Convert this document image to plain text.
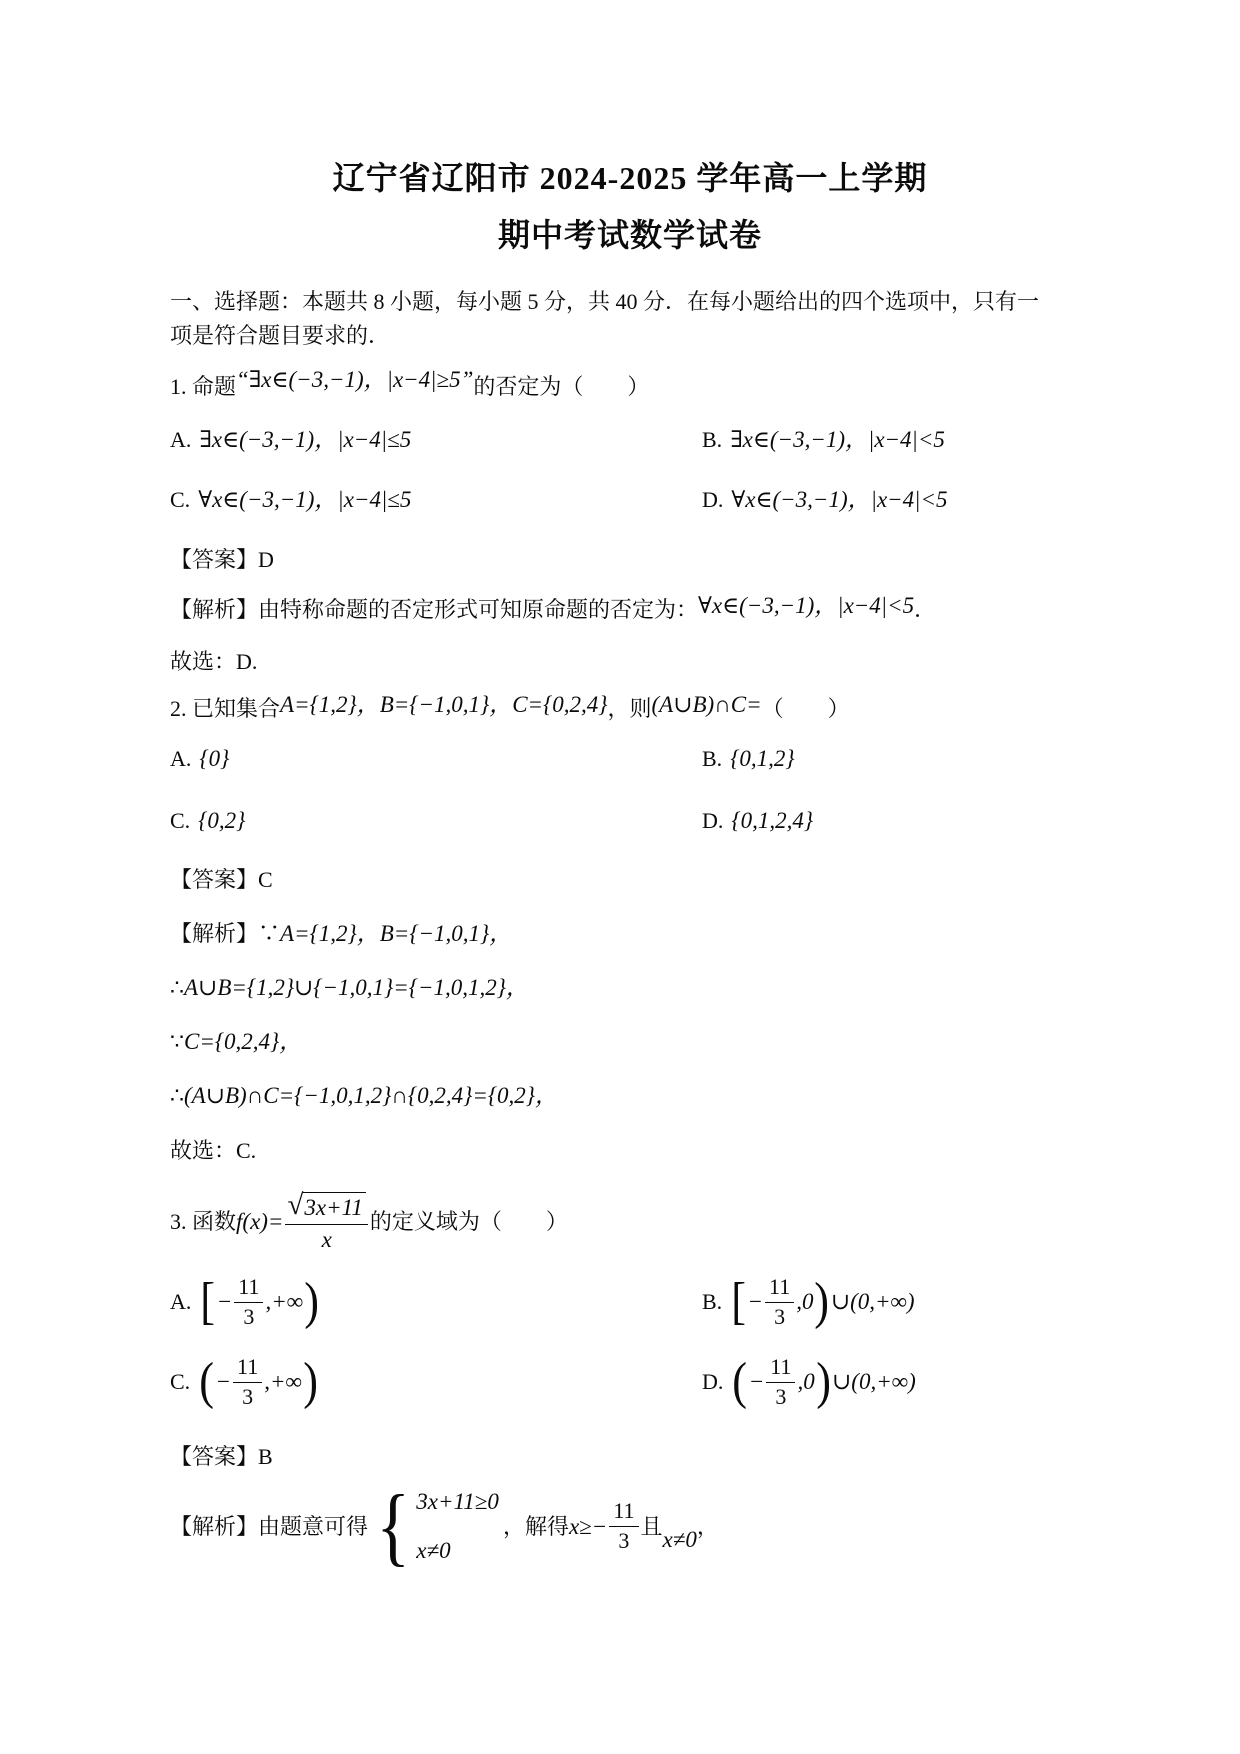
辽宁省辽阳市 2024-2025 学年高一上学期

期中考试数学试卷

一、选择题：本题共 8 小题，每小题 5 分，共 40 分．在每小题给出的四个选项中，只有一
项是符合题目要求的．

1. 命题“∃x∈(−3,−1)，|x−4|≥5”的否定为（　　）

A. ∃x∈(−3,−1)，|x−4|≤5	B. ∃x∈(−3,−1)，|x−4|<5

C. ∀x∈(−3,−1)，|x−4|≤5	D. ∀x∈(−3,−1)，|x−4|<5

【答案】D

【解析】由特称命题的否定形式可知原命题的否定为：∀x∈(−3,−1)，|x−4|<5．

故选：D.

2. 已知集合A={1,2}，B={−1,0,1}，C={0,2,4}，则(A∪B)∩C=（　　）

A. {0}	B. {0,1,2}

C. {0,2}	D. {0,1,2,4}

【答案】C

【解析】∵A={1,2}，B={−1,0,1}，

∴A∪B={1,2}∪{−1,0,1}={−1,0,1,2}，

∵C={0,2,4}，

∴(A∪B)∩C={−1,0,1,2}∩{0,2,4}={0,2}，

故选：C.

3. 函数 $f(x)= \frac{√ 3x+11}{x}$ 的定义域为（　　）

A. [ − $\frac{11}{3}$ ,+∞ )	B. [ − $\frac{11}{3} ,0$ ) ∪(0,+∞)

C. ( − $\frac{11}{3}$ ,+∞ )	D. ( − $\frac{11}{3} ,0$ ) ∪(0,+∞)

【答案】B

【解析】 由题意可得 { 3x+11≥0
x≠0
，解得 $x\ge - \frac{11}{3}$ 且
x≠0
，
